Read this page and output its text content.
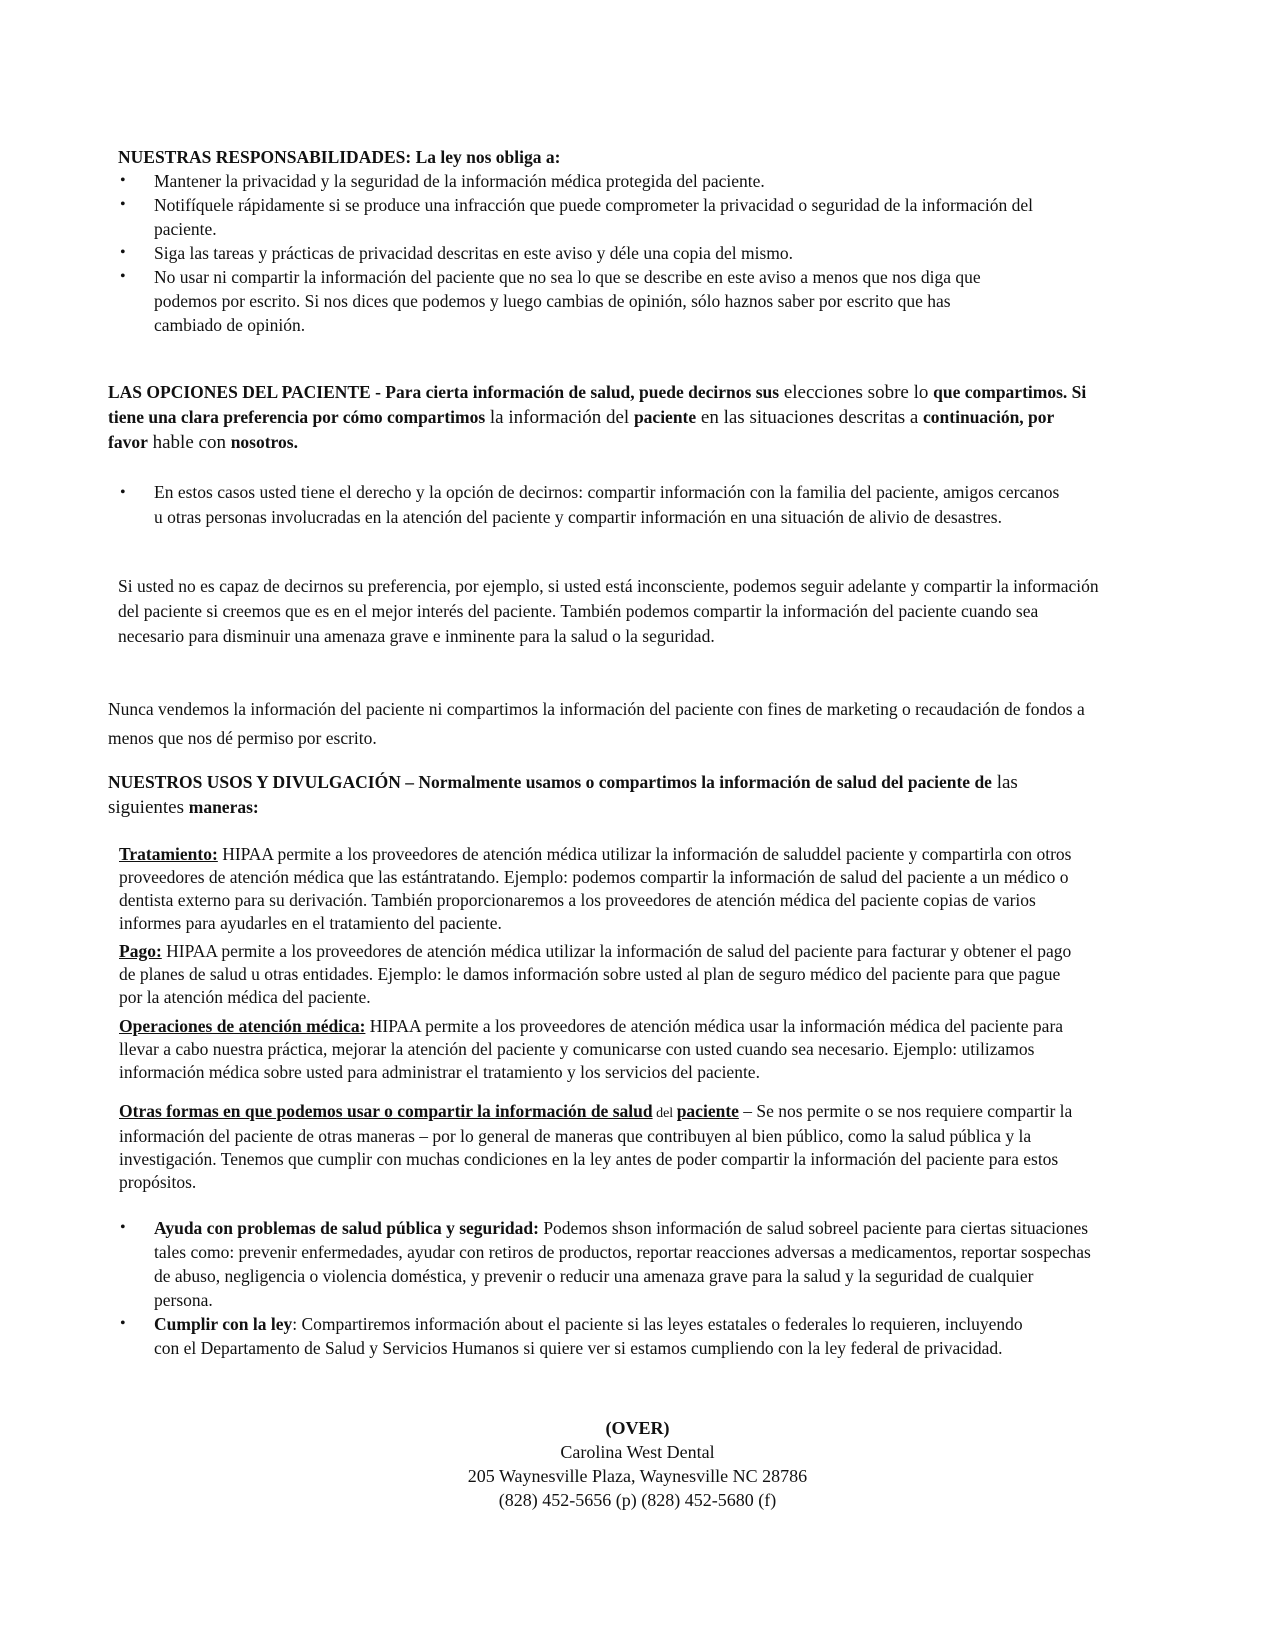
NUESTRAS RESPONSABILIDADES: La ley nos obliga a:

• Mantener la privacidad y la seguridad de la información médica protegida del paciente.
• Notifíquele rápidamente si se produce una infracción que puede comprometer la privacidad o seguridad de la información del paciente.
• Siga las tareas y prácticas de privacidad descritas en este aviso y déle una copia del mismo.
• No usar ni compartir la información del paciente que no sea lo que se describe en este aviso a menos que nos diga que podemos por escrito. Si nos dices que podemos y luego cambias de opinión, sólo haznos saber por escrito que has cambiado de opinión.

LAS OPCIONES DEL PACIENTE - Para cierta información de salud, puede decirnos sus elecciones sobre lo que compartimos. Si tiene una clara preferencia por cómo compartimos la información del paciente en las situaciones descritas a continuación, por favor hable con nosotros.

• En estos casos usted tiene el derecho y la opción de decirnos: compartir información con la familia del paciente, amigos cercanos u otras personas involucradas en la atención del paciente y compartir información en una situación de alivio de desastres.

Si usted no es capaz de decirnos su preferencia, por ejemplo, si usted está inconsciente, podemos seguir adelante y compartir la información del paciente si creemos que es en el mejor interés del paciente. También podemos compartir la información del paciente cuando sea necesario para disminuir una amenaza grave e inminente para la salud o la seguridad.

Nunca vendemos la información del paciente ni compartimos la información del paciente con fines de marketing o recaudación de fondos a menos que nos dé permiso por escrito.

NUESTROS USOS Y DIVULGACIÓN – Normalmente usamos o compartimos la información de salud del paciente de las siguientes maneras:

Tratamiento: HIPAA permite a los proveedores de atención médica utilizar la información de saluddel paciente y compartirla con otros proveedores de atención médica que las estántratando. Ejemplo: podemos compartir la información de salud del paciente a un médico o dentista externo para su derivación. También proporcionaremos a los proveedores de atención médica del paciente copias de varios informes para ayudarles en el tratamiento del paciente.

Pago: HIPAA permite a los proveedores de atención médica utilizar la información de salud del paciente para facturar y obtener el pago de planes de salud u otras entidades. Ejemplo: le damos información sobre usted al plan de seguro médico del paciente para que pague por la atención médica del paciente.

Operaciones de atención médica: HIPAA permite a los proveedores de atención médica usar la información médica del paciente para llevar a cabo nuestra práctica, mejorar la atención del paciente y comunicarse con usted cuando sea necesario. Ejemplo: utilizamos información médica sobre usted para administrar el tratamiento y los servicios del paciente.

Otras formas en que podemos usar o compartir la información de salud del paciente – Se nos permite o se nos requiere compartir la información del paciente de otras maneras – por lo general de maneras que contribuyen al bien público, como la salud pública y la investigación. Tenemos que cumplir con muchas condiciones en la ley antes de poder compartir la información del paciente para estos propósitos.

• Ayuda con problemas de salud pública y seguridad: Podemos shson información de salud sobreel paciente para ciertas situaciones tales como: prevenir enfermedades, ayudar con retiros de productos, reportar reacciones adversas a medicamentos, reportar sospechas de abuso, negligencia o violencia doméstica, y prevenir o reducir una amenaza grave para la salud y la seguridad de cualquier persona.
• Cumplir con la ley: Compartiremos información about el paciente si las leyes estatales o federales lo requieren, incluyendo con el Departamento de Salud y Servicios Humanos si quiere ver si estamos cumpliendo con la ley federal de privacidad.

(OVER)

Carolina West Dental

205 Waynesville Plaza, Waynesville NC 28786

(828) 452-5656 (p) (828) 452-5680 (f)
